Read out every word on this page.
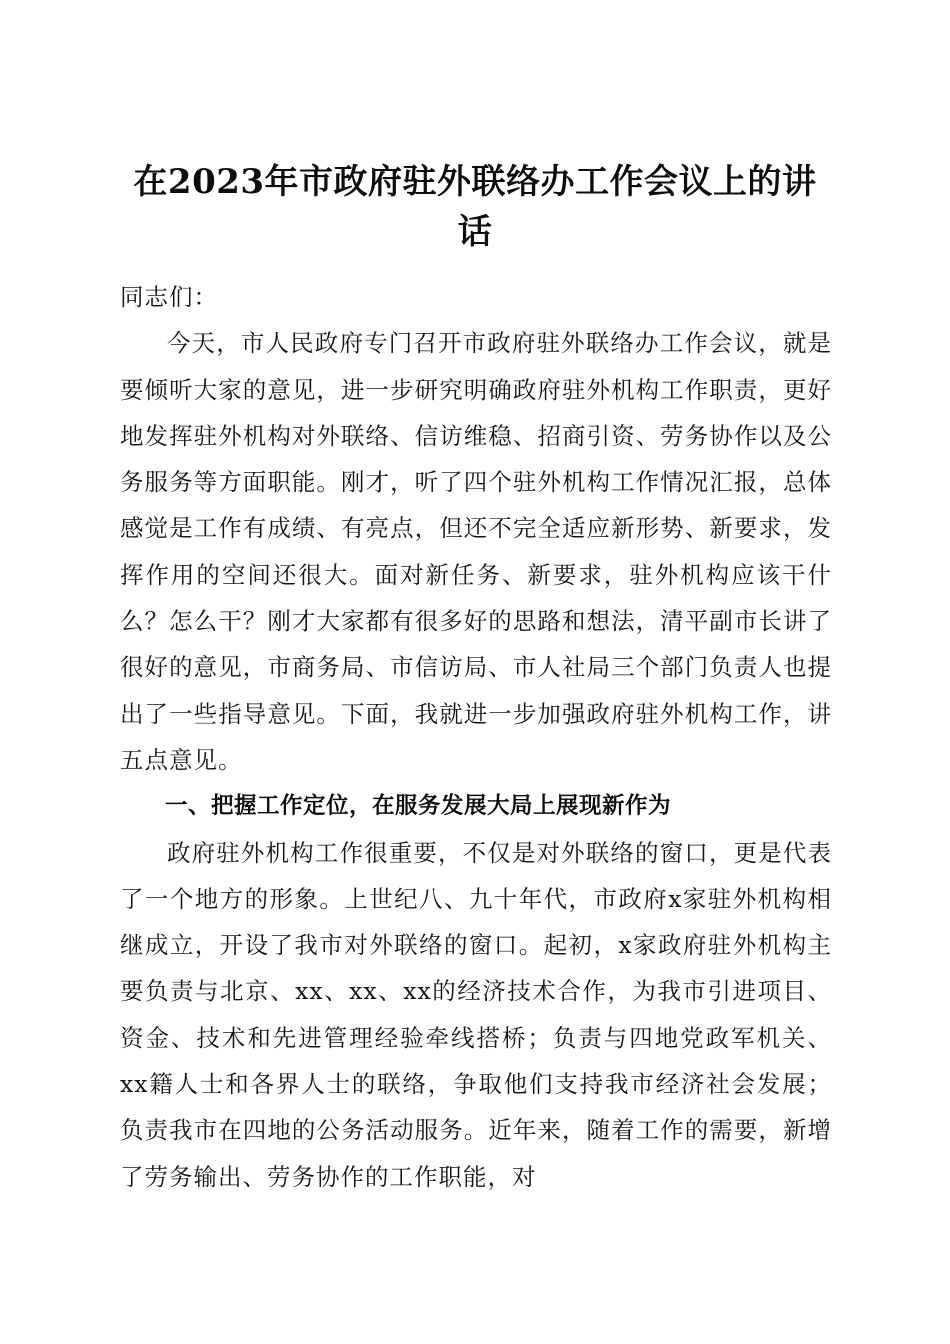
在2023年市政府驻外联络办工作会议上的讲话

同志们：

今天，市人民政府专门召开市政府驻外联络办工作会议，就是要倾听大家的意见，进一步研究明确政府驻外机构工作职责，更好地发挥驻外机构对外联络、信访维稳、招商引资、劳务协作以及公务服务等方面职能。刚才，听了四个驻外机构工作情况汇报，总体感觉是工作有成绩、有亮点，但还不完全适应新形势、新要求，发挥作用的空间还很大。面对新任务、新要求，驻外机构应该干什么？怎么干？刚才大家都有很多好的思路和想法，清平副市长讲了很好的意见，市商务局、市信访局、市人社局三个部门负责人也提出了一些指导意见。下面，我就进一步加强政府驻外机构工作，讲五点意见。

一、把握工作定位，在服务发展大局上展现新作为

政府驻外机构工作很重要，不仅是对外联络的窗口，更是代表了一个地方的形象。上世纪八、九十年代，市政府x家驻外机构相继成立，开设了我市对外联络的窗口。起初，x家政府驻外机构主要负责与北京、xx、xx、xx的经济技术合作，为我市引进项目、资金、技术和先进管理经验牵线搭桥；负责与四地党政军机关、xx籍人士和各界人士的联络，争取他们支持我市经济社会发展；负责我市在四地的公务活动服务。近年来，随着工作的需要，新增了劳务输出、劳务协作的工作职能，对
